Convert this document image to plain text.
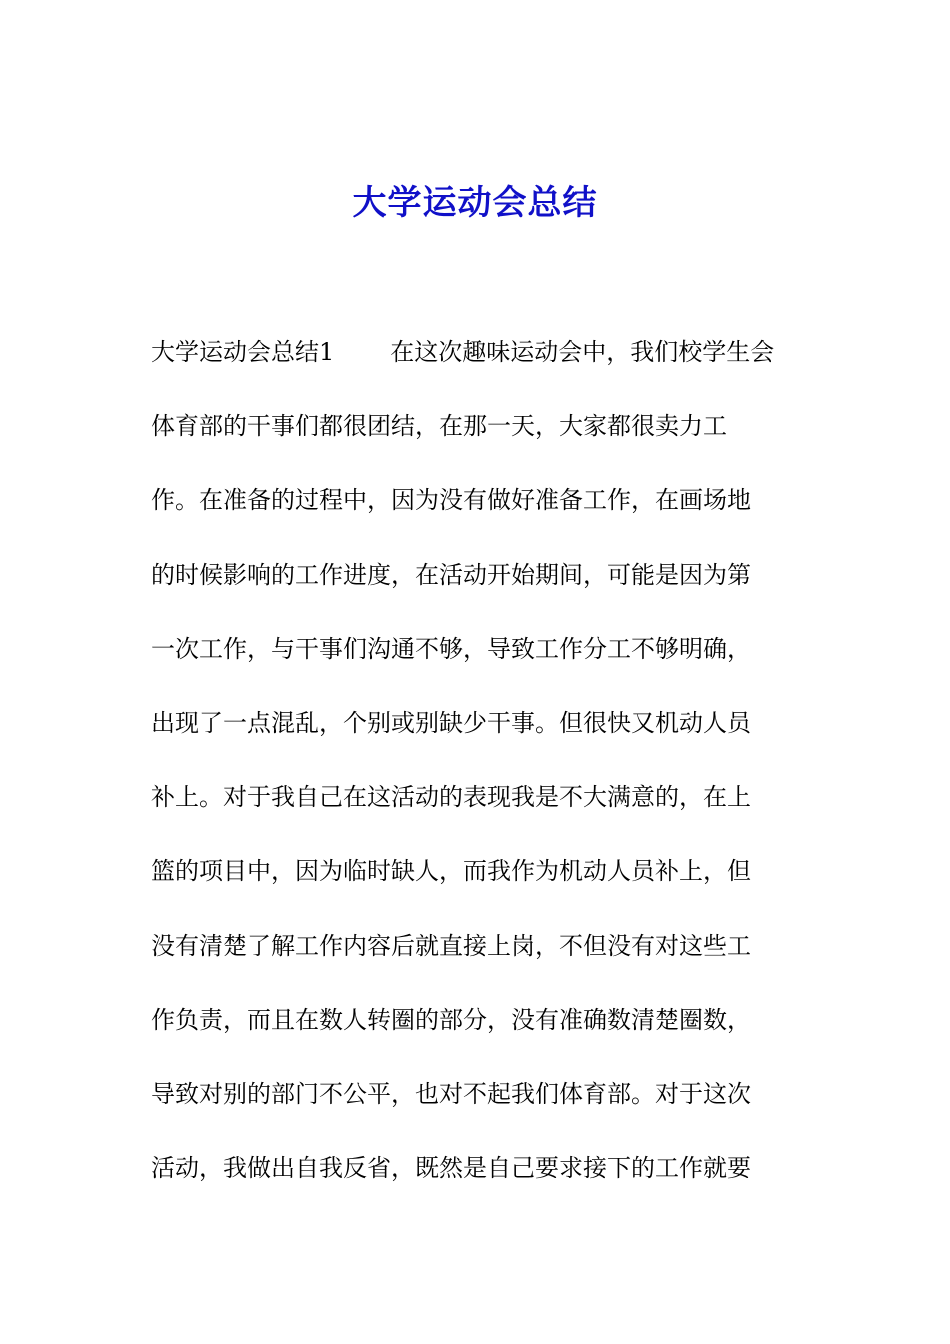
大学运动会总结
大学运动会总结1 在这次趣味运动会中，我们校学生会
体育部的干事们都很团结，在那一天，大家都很卖力工
作。在准备的过程中，因为没有做好准备工作，在画场地
的时候影响的工作进度，在活动开始期间，可能是因为第
一次工作，与干事们沟通不够，导致工作分工不够明确，
出现了一点混乱，个别或别缺少干事。但很快又机动人员
补上。对于我自己在这活动的表现我是不大满意的，在上
篮的项目中，因为临时缺人，而我作为机动人员补上，但
没有清楚了解工作内容后就直接上岗，不但没有对这些工
作负责，而且在数人转圈的部分，没有准确数清楚圈数，
导致对别的部门不公平，也对不起我们体育部。对于这次
活动，我做出自我反省，既然是自己要求接下的工作就要
